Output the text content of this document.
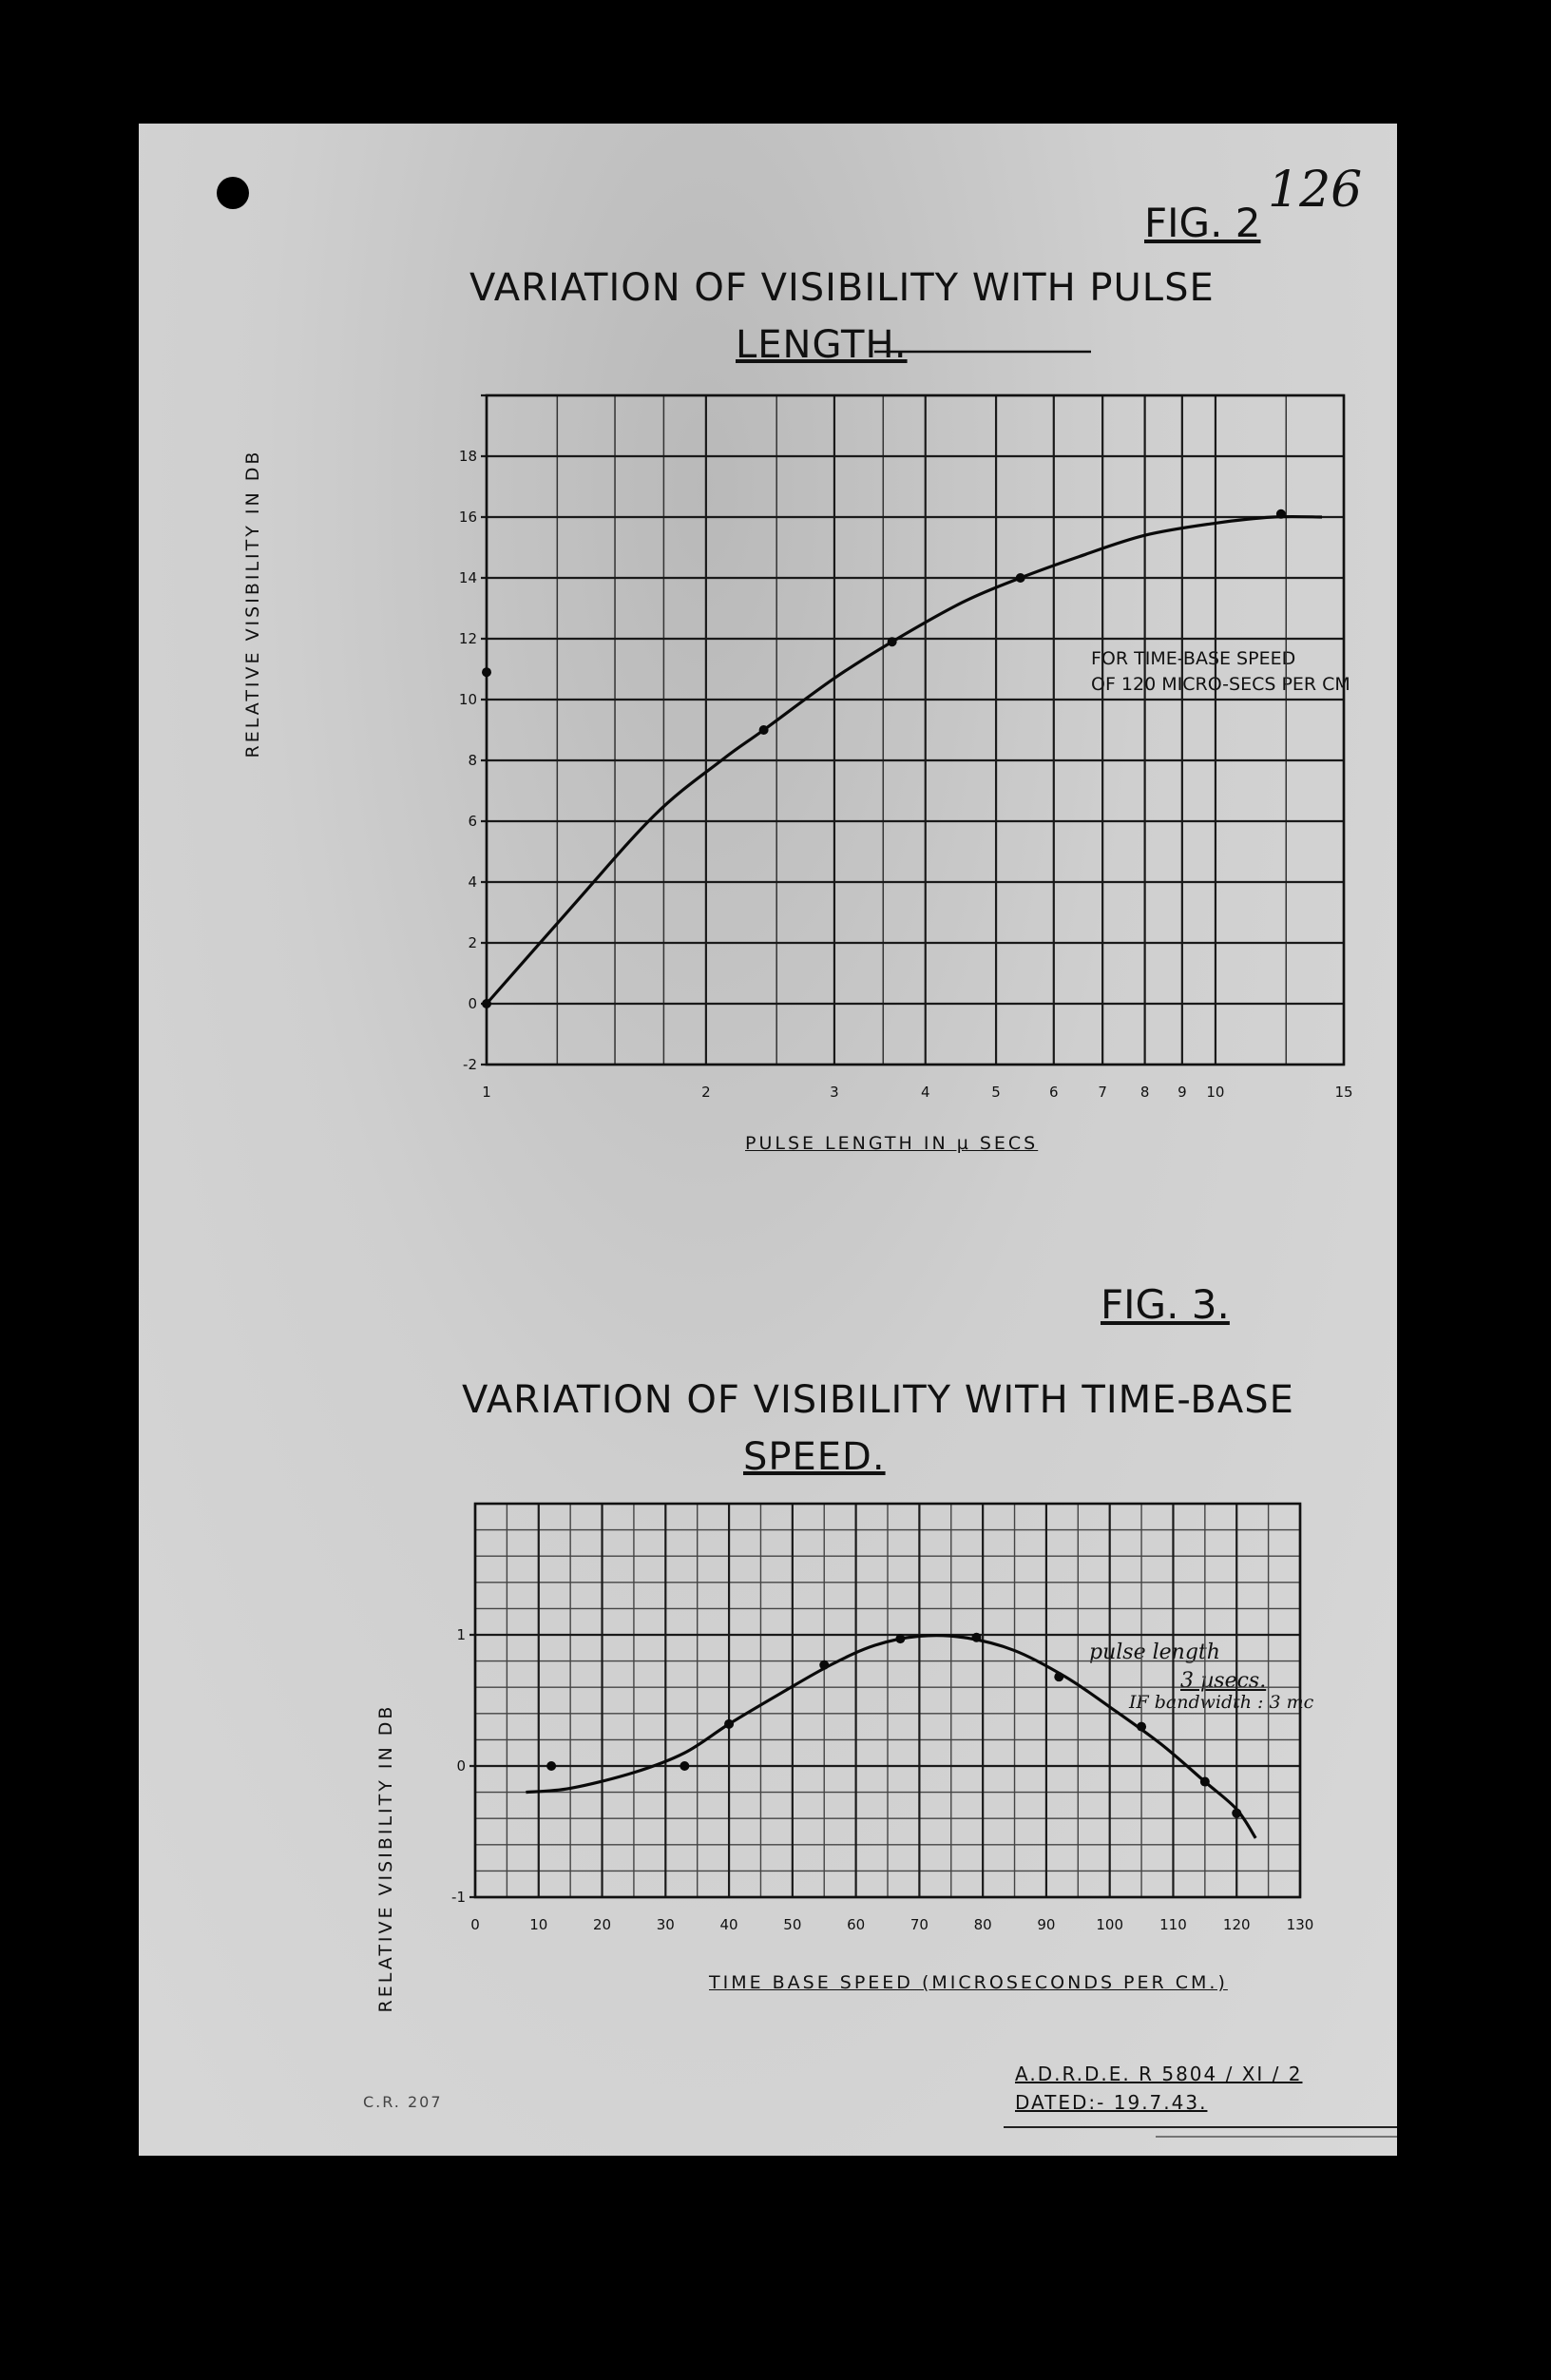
126
FIG. 2
VARIATION OF VISIBILITY WITH PULSE
LENGTH.
RELATIVE VISIBILITY IN DB
PULSE LENGTH IN µ SECS
FOR TIME-BASE SPEED
OF 120 MICRO-SECS PER CM
FIG. 3.
VARIATION OF VISIBILITY WITH TIME-BASE
SPEED.
RELATIVE VISIBILITY IN DB	TIME BASE SPEED (MICROSECONDS PER CM.)
pulse length
3 µsecs.
IF bandwidth : 3 mc
A.D.R.D.E. R 5804 / XI / 2
DATED:- 19.7.43.
C.R. 207
1	2	3	4	5	6	7 8 9 10	15
-2
0
2
4
6
8
10
12
14
16
18
0	10	20	30	40	50	60	70	80	90	100	110	120	130
-1
0
1
